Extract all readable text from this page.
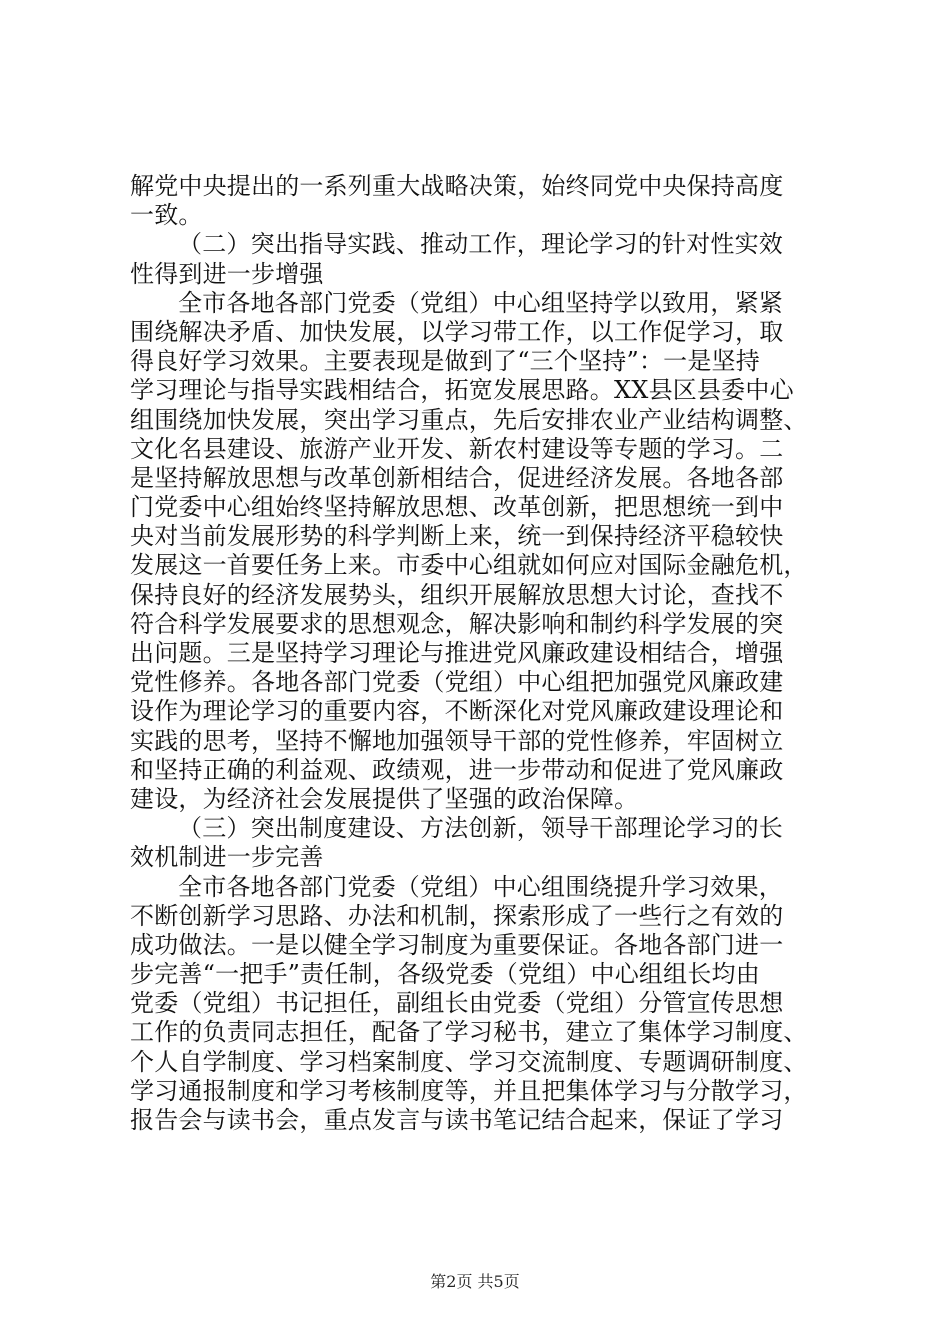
解党中央提出的一系列重大战略决策，始终同党中央保持高度
一致。
（二）突出指导实践、推动工作，理论学习的针对性实效
性得到进一步增强
全市各地各部门党委（党组）中心组坚持学以致用，紧紧
围绕解决矛盾、加快发展，以学习带工作，以工作促学习，取
得良好学习效果。主要表现是做到了“三个坚持”：一是坚持
学习理论与指导实践相结合，拓宽发展思路。XX县区县委中心
组围绕加快发展，突出学习重点，先后安排农业产业结构调整、
文化名县建设、旅游产业开发、新农村建设等专题的学习。二
是坚持解放思想与改革创新相结合，促进经济发展。各地各部
门党委中心组始终坚持解放思想、改革创新，把思想统一到中
央对当前发展形势的科学判断上来，统一到保持经济平稳较快
发展这一首要任务上来。市委中心组就如何应对国际金融危机，
保持良好的经济发展势头，组织开展解放思想大讨论，查找不
符合科学发展要求的思想观念，解决影响和制约科学发展的突
出问题。三是坚持学习理论与推进党风廉政建设相结合，增强
党性修养。各地各部门党委（党组）中心组把加强党风廉政建
设作为理论学习的重要内容，不断深化对党风廉政建设理论和
实践的思考，坚持不懈地加强领导干部的党性修养，牢固树立
和坚持正确的利益观、政绩观，进一步带动和促进了党风廉政
建设，为经济社会发展提供了坚强的政治保障。
（三）突出制度建设、方法创新，领导干部理论学习的长
效机制进一步完善
全市各地各部门党委（党组）中心组围绕提升学习效果，
不断创新学习思路、办法和机制，探索形成了一些行之有效的
成功做法。一是以健全学习制度为重要保证。各地各部门进一
步完善“一把手”责任制，各级党委（党组）中心组组长均由
党委（党组）书记担任，副组长由党委（党组）分管宣传思想
工作的负责同志担任，配备了学习秘书，建立了集体学习制度、
个人自学制度、学习档案制度、学习交流制度、专题调研制度、
学习通报制度和学习考核制度等，并且把集体学习与分散学习，
报告会与读书会，重点发言与读书笔记结合起来，保证了学习
第2页 共5页
